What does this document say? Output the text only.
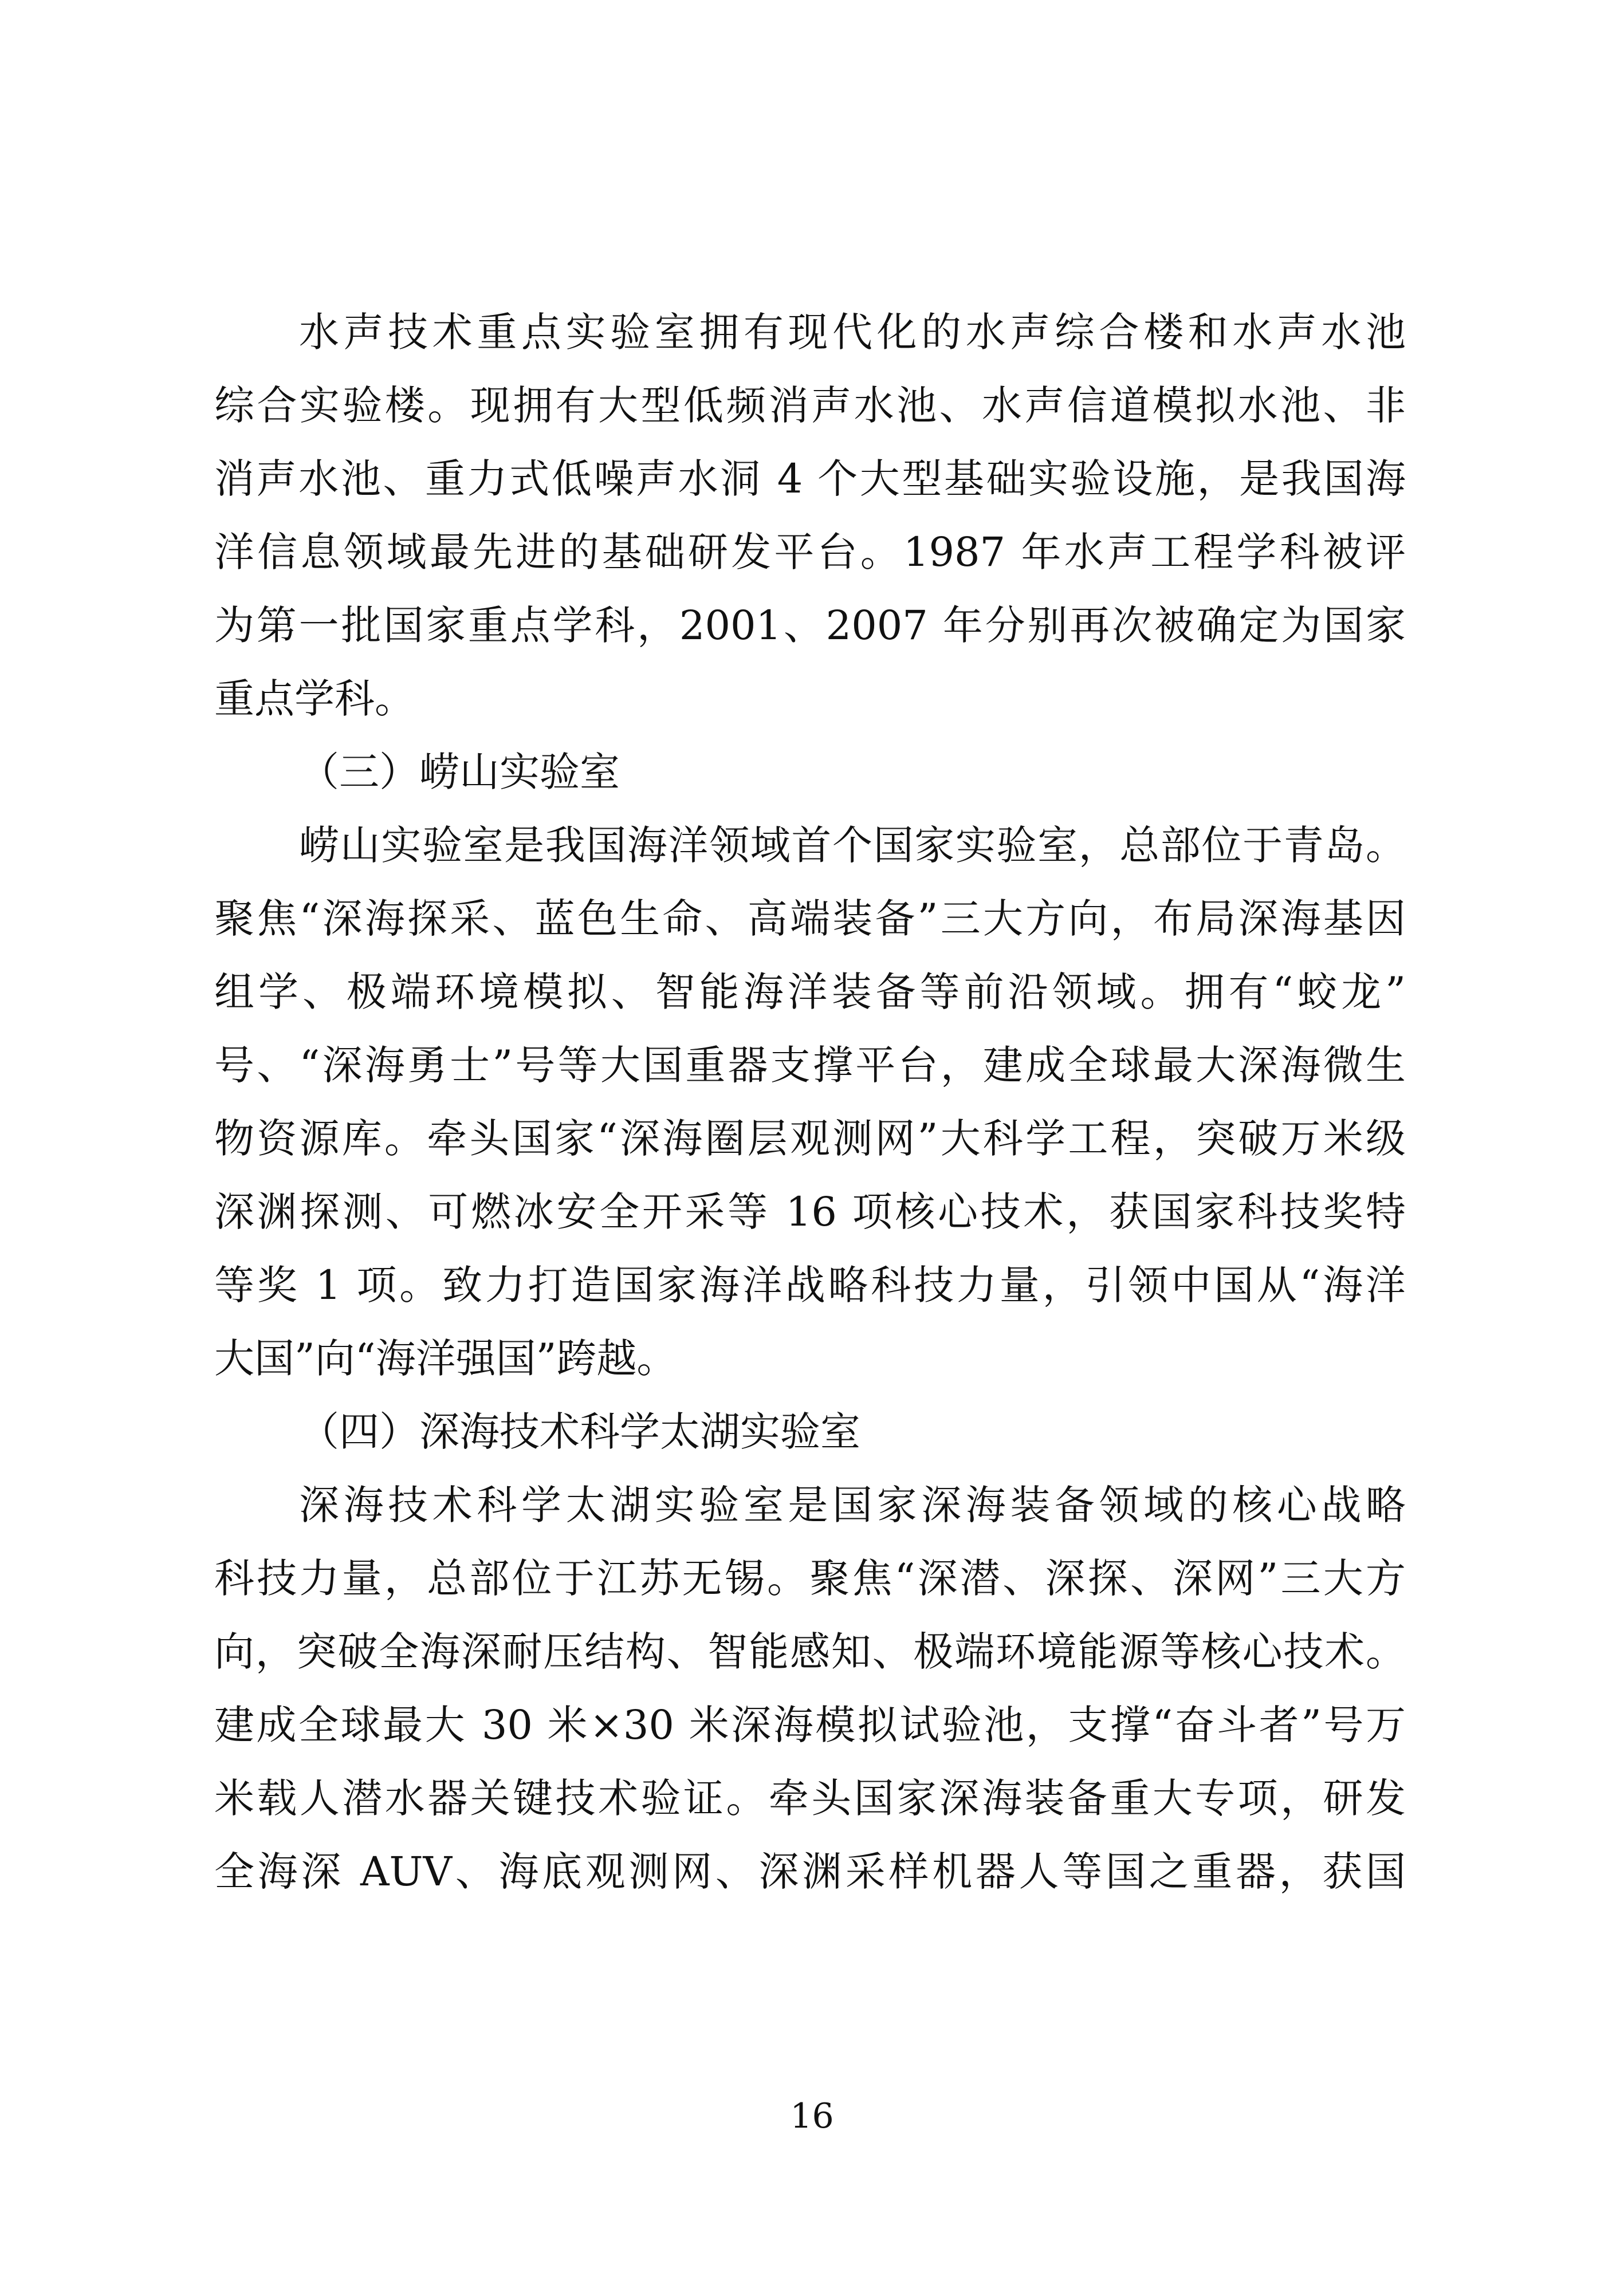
水声技术重点实验室拥有现代化的水声综合楼和水声水池
综合实验楼。现拥有大型低频消声水池、水声信道模拟水池、非
消声水池、重力式低噪声水洞 4 个大型基础实验设施，是我国海
洋信息领域最先进的基础研发平台。1987 年水声工程学科被评
为第一批国家重点学科，2001、2007 年分别再次被确定为国家
重点学科。
（三）崂山实验室
崂山实验室是我国海洋领域首个国家实验室，总部位于青岛。
聚焦“深海探采、蓝色生命、高端装备”三大方向，布局深海基因
组学、极端环境模拟、智能海洋装备等前沿领域。拥有“蛟龙”
号、“深海勇士”号等大国重器支撑平台，建成全球最大深海微生
物资源库。牵头国家“深海圈层观测网”大科学工程，突破万米级
深渊探测、可燃冰安全开采等 16 项核心技术，获国家科技奖特
等奖 1 项。致力打造国家海洋战略科技力量，引领中国从“海洋
大国”向“海洋强国”跨越。
（四）深海技术科学太湖实验室
深海技术科学太湖实验室是国家深海装备领域的核心战略
科技力量，总部位于江苏无锡。聚焦“深潜、深探、深网”三大方
向，突破全海深耐压结构、智能感知、极端环境能源等核心技术。
建成全球最大 30 米×30 米深海模拟试验池，支撑“奋斗者”号万
米载人潜水器关键技术验证。牵头国家深海装备重大专项，研发
全海深 AUV、海底观测网、深渊采样机器人等国之重器，获国
16
